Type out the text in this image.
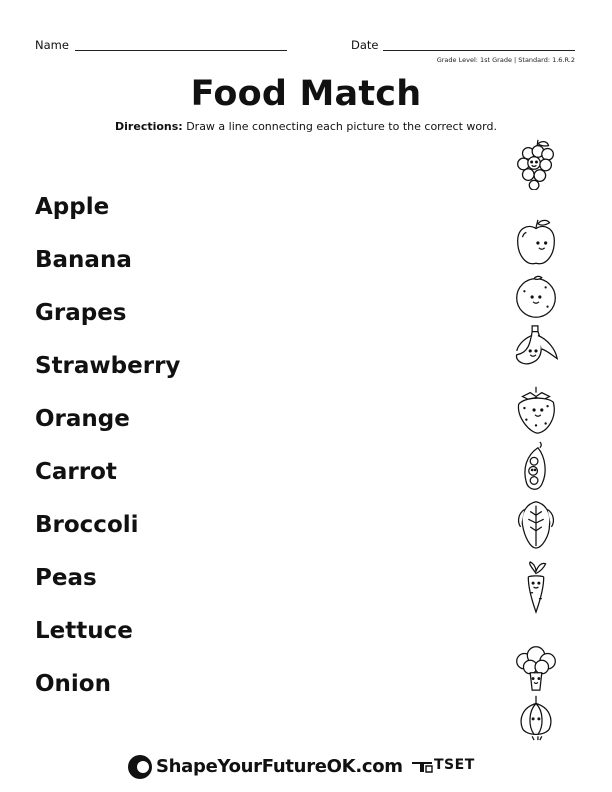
Name	Date
Grade Level: 1st Grade | Standard: 1.6.R.2
Food Match
Directions: Draw a line connecting each picture to the correct word.
Apple
Banana
Grapes
Strawberry
Orange
Carrot
Broccoli
Peas
Lettuce
Onion
ShapeYourFutureOK.com TSET
